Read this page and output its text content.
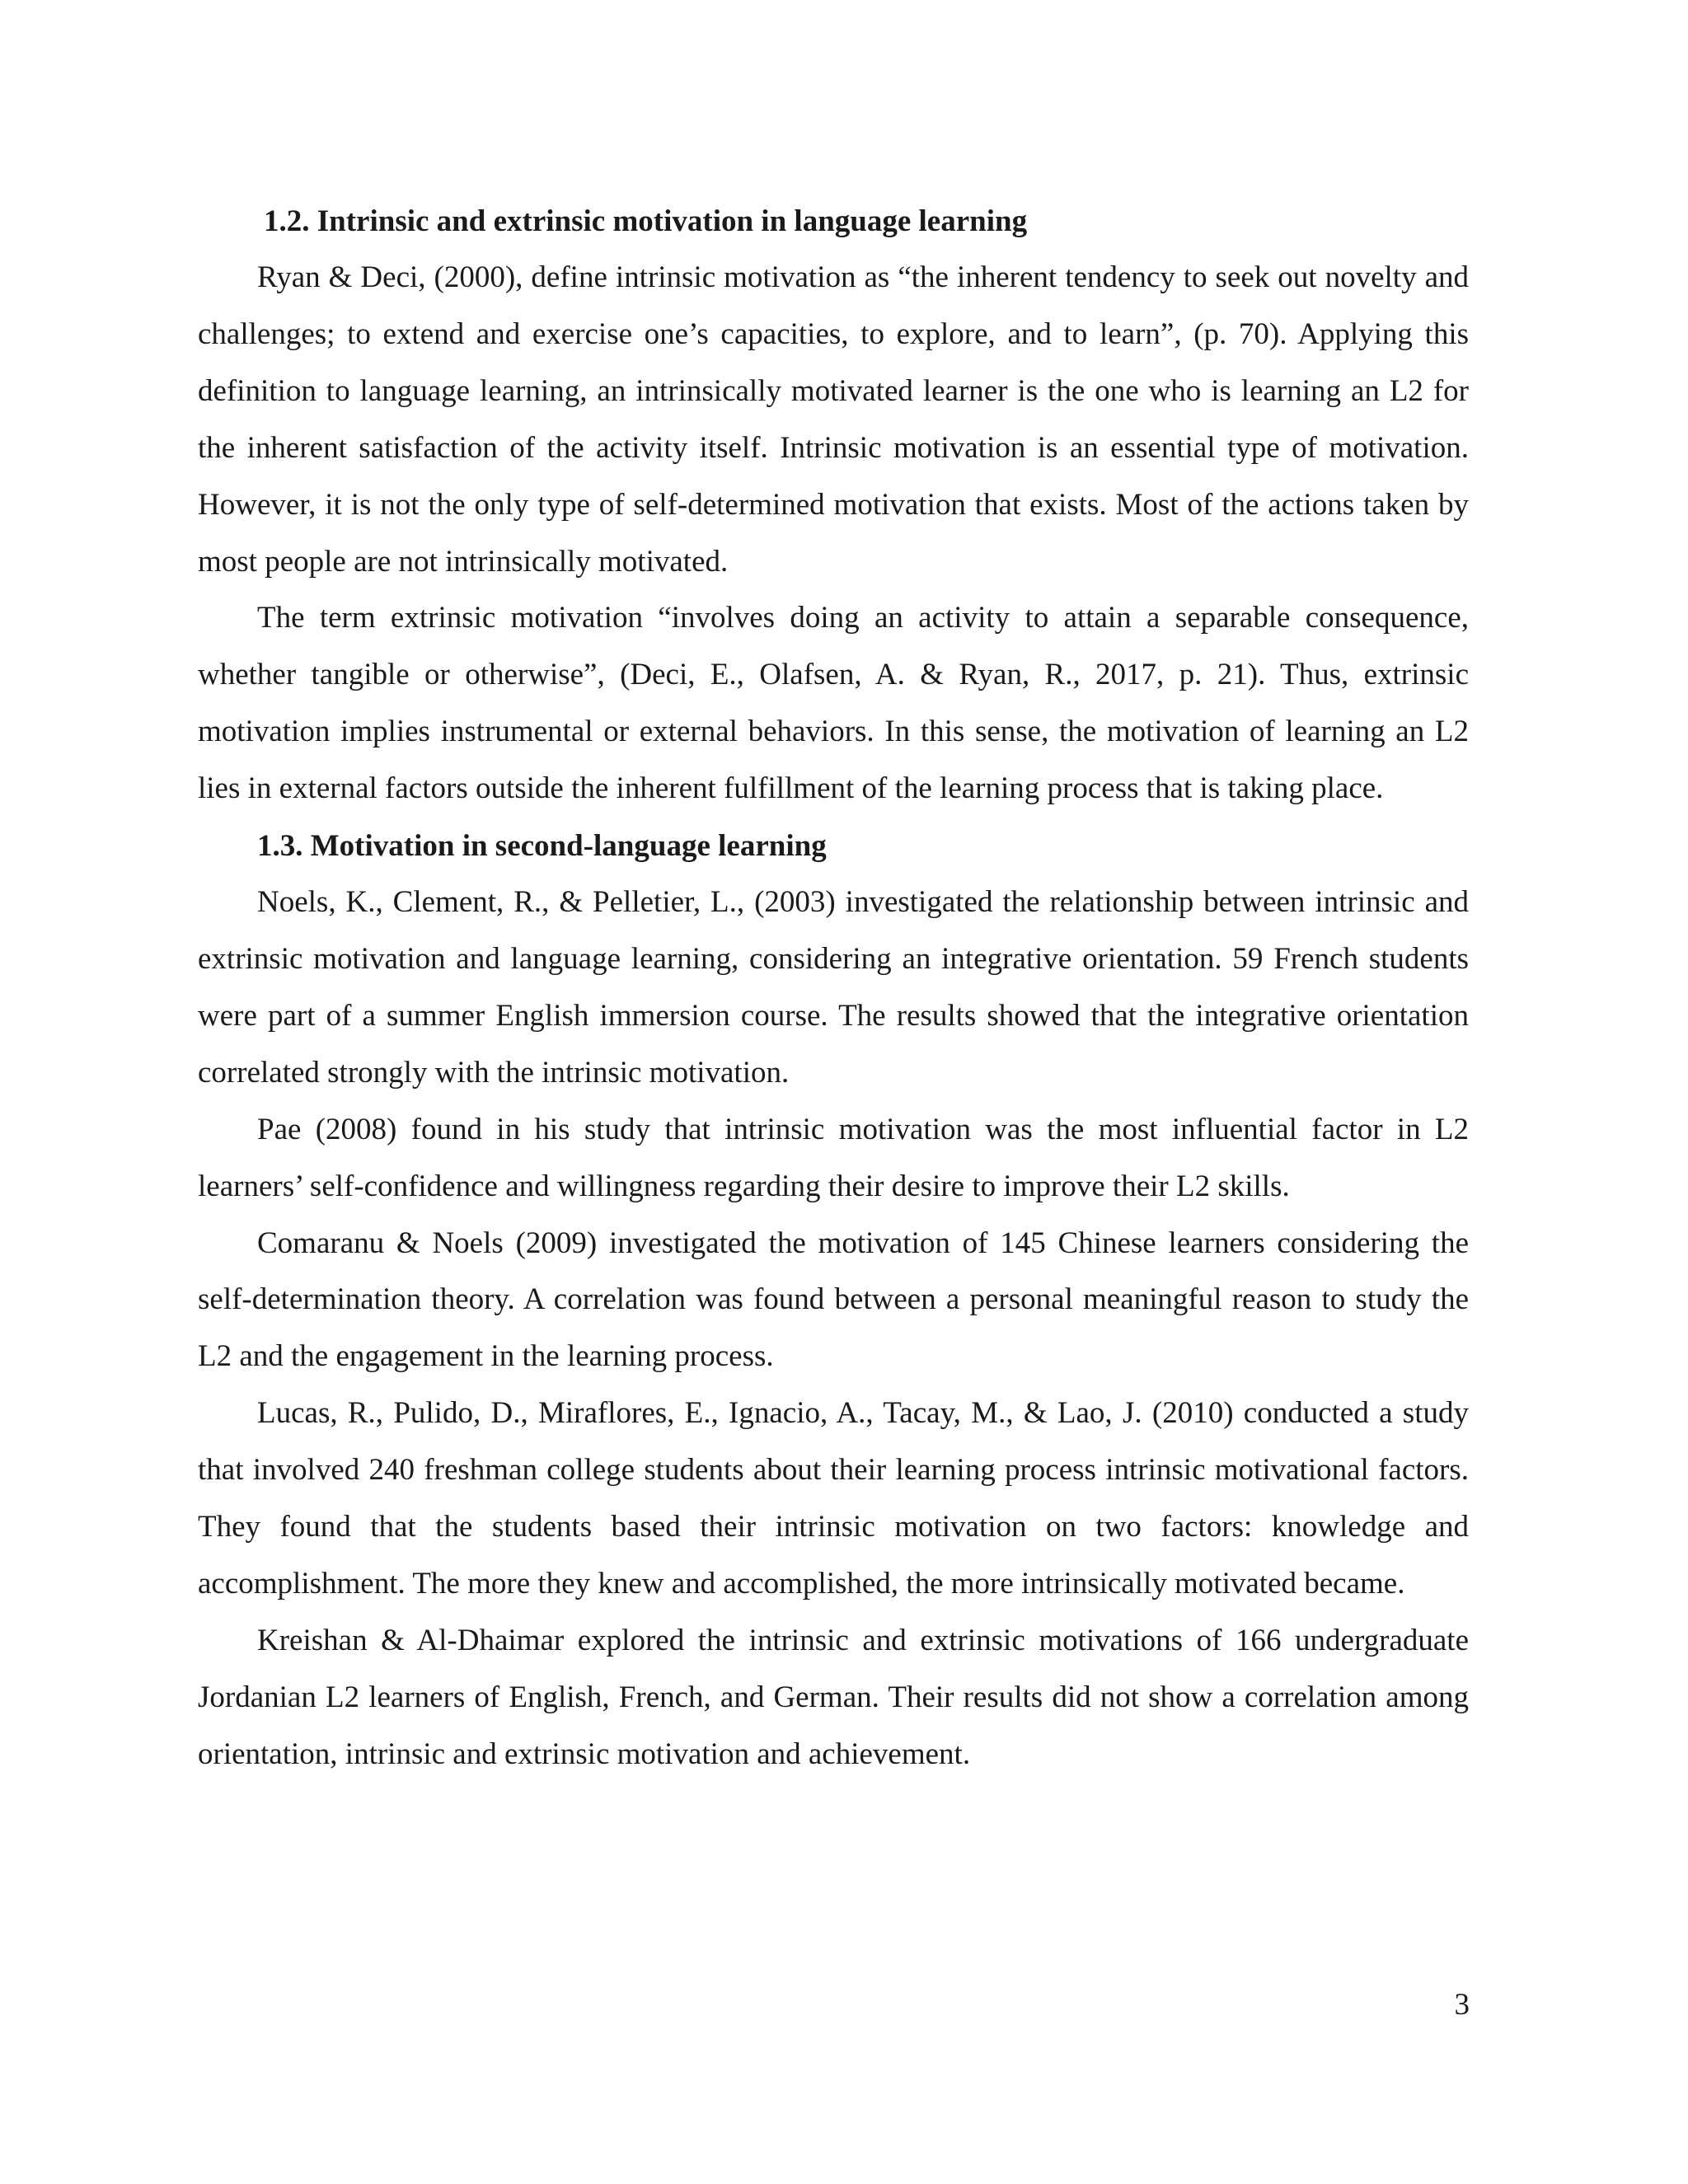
1.2. Intrinsic and extrinsic motivation in language learning

Ryan & Deci, (2000), define intrinsic motivation as “the inherent tendency to seek out novelty and challenges; to extend and exercise one’s capacities, to explore, and to learn”, (p. 70). Applying this definition to language learning, an intrinsically motivated learner is the one who is learning an L2 for the inherent satisfaction of the activity itself. Intrinsic motivation is an essential type of motivation. However, it is not the only type of self-determined motivation that exists. Most of the actions taken by most people are not intrinsically motivated.

The term extrinsic motivation “involves doing an activity to attain a separable consequence, whether tangible or otherwise”, (Deci, E., Olafsen, A. & Ryan, R., 2017, p. 21). Thus, extrinsic motivation implies instrumental or external behaviors. In this sense, the motivation of learning an L2 lies in external factors outside the inherent fulfillment of the learning process that is taking place.

1.3. Motivation in second-language learning

Noels, K., Clement, R., & Pelletier, L., (2003) investigated the relationship between intrinsic and extrinsic motivation and language learning, considering an integrative orientation. 59 French students were part of a summer English immersion course. The results showed that the integrative orientation correlated strongly with the intrinsic motivation.

Pae (2008) found in his study that intrinsic motivation was the most influential factor in L2 learners’ self-confidence and willingness regarding their desire to improve their L2 skills.

Comaranu & Noels (2009) investigated the motivation of 145 Chinese learners considering the self-determination theory. A correlation was found between a personal meaningful reason to study the L2 and the engagement in the learning process.

Lucas, R., Pulido, D., Miraflores, E., Ignacio, A., Tacay, M., & Lao, J. (2010) conducted a study that involved 240 freshman college students about their learning process intrinsic motivational factors. They found that the students based their intrinsic motivation on two factors: knowledge and accomplishment. The more they knew and accomplished, the more intrinsically motivated became.

Kreishan & Al-Dhaimar explored the intrinsic and extrinsic motivations of 166 undergraduate Jordanian L2 learners of English, French, and German. Their results did not show a correlation among orientation, intrinsic and extrinsic motivation and achievement.

3
